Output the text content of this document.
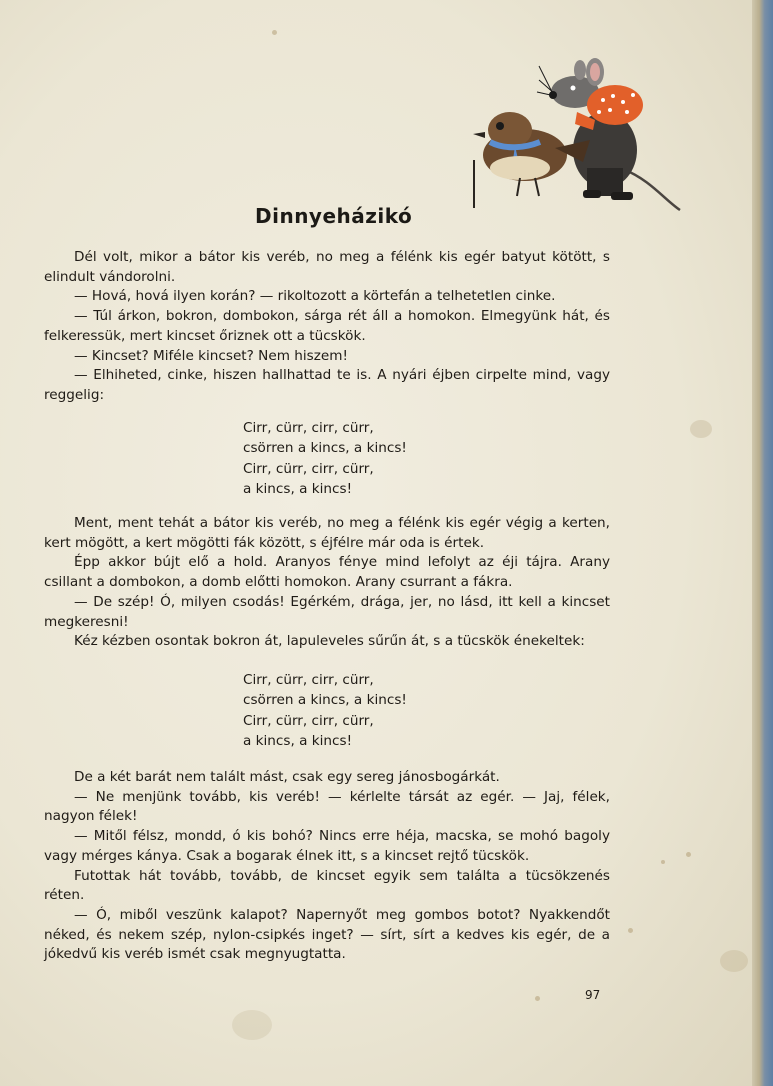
Dinnyeházikó

Dél volt, mikor a bátor kis veréb, no meg a félénk kis egér batyut kötött, s elindult vándorolni.

— Hová, hová ilyen korán? — rikoltozott a körtefán a telhetetlen cinke.

— Túl árkon, bokron, dombokon, sárga rét áll a homokon. Elmegyünk hát, és felkeressük, mert kincset őriznek ott a tücskök.

— Kincset? Miféle kincset? Nem hiszem!

— Elhiheted, cinke, hiszen hallhattad te is. A nyári éjben cirpelte mind, vagy reggelig:

Cirr, cürr, cirr, cürr,
csörren a kincs, a kincs!
Cirr, cürr, cirr, cürr,
a kincs, a kincs!

Ment, ment tehát a bátor kis veréb, no meg a félénk kis egér végig a kerten, kert mögött, a kert mögötti fák között, s éjfélre már oda is értek.

Épp akkor bújt elő a hold. Aranyos fénye mind lefolyt az éji tájra. Arany csillant a dombokon, a domb előtti homokon. Arany csurrant a fákra.

— De szép! Ó, milyen csodás! Egérkém, drága, jer, no lásd, itt kell a kincset megkeresni!

Kéz kézben osontak bokron át, lapuleveles sűrűn át, s a tücskök énekeltek:

Cirr, cürr, cirr, cürr,
csörren a kincs, a kincs!
Cirr, cürr, cirr, cürr,
a kincs, a kincs!

De a két barát nem talált mást, csak egy sereg jánosbogárkát.

— Ne menjünk tovább, kis veréb! — kérlelte társát az egér. — Jaj, félek, nagyon félek!

— Mitől félsz, mondd, ó kis bohó? Nincs erre héja, macska, se mohó bagoly vagy mérges kánya. Csak a bogarak élnek itt, s a kincset rejtő tücskök.

Futottak hát tovább, tovább, de kincset egyik sem találta a tücsökzenés réten.

— Ó, miből veszünk kalapot? Napernyőt meg gombos botot? Nyakkendőt néked, és nekem szép, nylon-csipkés inget? — sírt, sírt a kedves kis egér, de a jókedvű kis veréb ismét csak megnyugtatta.

97
